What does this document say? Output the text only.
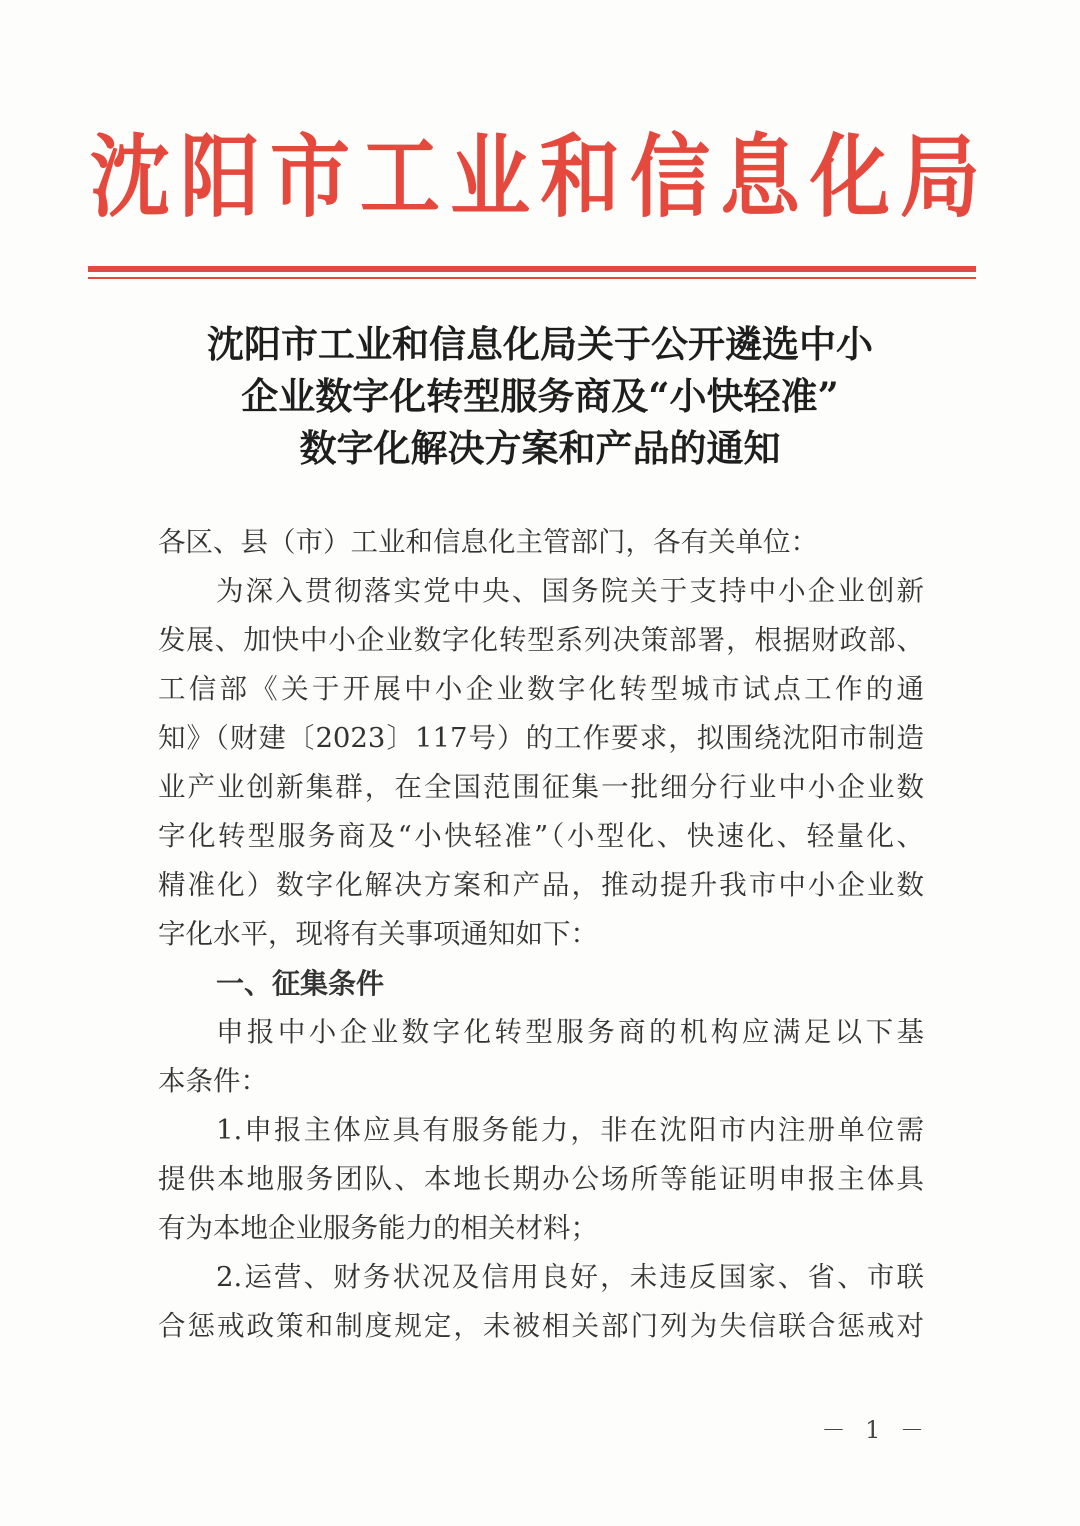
沈阳市工业和信息化局
沈阳市工业和信息化局关于公开遴选中小
企业数字化转型服务商及“小快轻准”
数字化解决方案和产品的通知
各区、县（市）工业和信息化主管部门，各有关单位：
为深入贯彻落实党中央、国务院关于支持中小企业创新
发展、加快中小企业数字化转型系列决策部署，根据财政部、
工信部《关于开展中小企业数字化转型城市试点工作的通
知》（财建〔2023〕117号）的工作要求，拟围绕沈阳市制造
业产业创新集群，在全国范围征集一批细分行业中小企业数
字化转型服务商及“小快轻准”（小型化、快速化、轻量化、
精准化）数字化解决方案和产品，推动提升我市中小企业数
字化水平，现将有关事项通知如下：
一、征集条件
申报中小企业数字化转型服务商的机构应满足以下基
本条件：
1.申报主体应具有服务能力，非在沈阳市内注册单位需
提供本地服务团队、本地长期办公场所等能证明申报主体具
有为本地企业服务能力的相关材料；
2.运营、财务状况及信用良好，未违反国家、省、市联
合惩戒政策和制度规定，未被相关部门列为失信联合惩戒对
－ 1 －
